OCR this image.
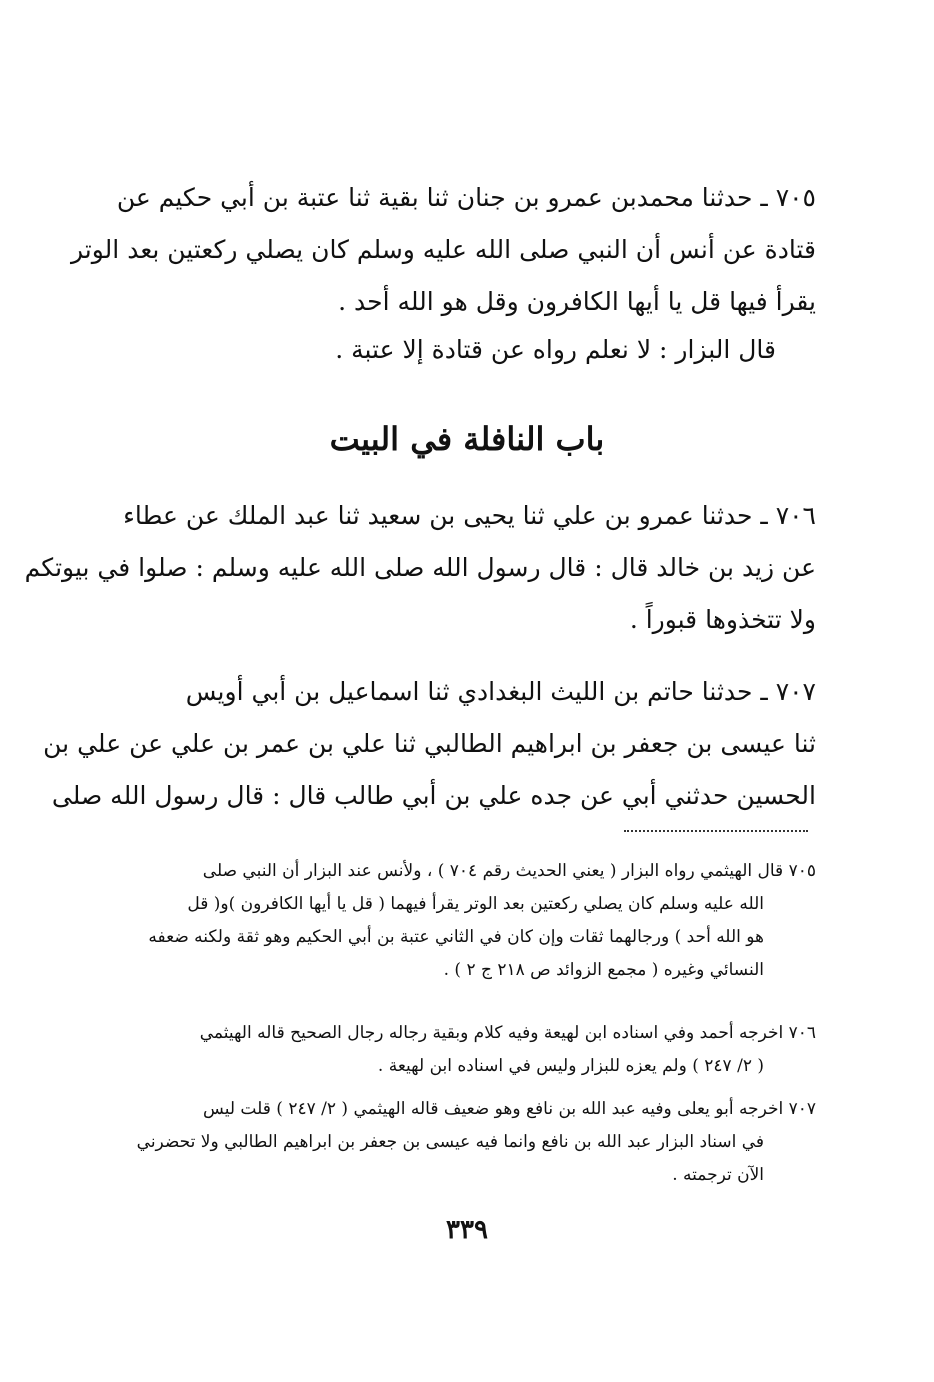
٧٠٥ ـ حدثنا محمدبن عمرو بن جنان ثنا بقية ثنا عتبة بن أبي حكيم عن
قتادة عن أنس أن النبي صلى الله عليه وسلم كان يصلي ركعتين بعد الوتر
يقرأ فيها قل يا أيها الكافرون وقل هو الله أحد .
قال البزار : لا نعلم رواه عن قتادة إلا عتبة .
باب النافلة في البيت
٧٠٦ ـ حدثنا عمرو بن علي ثنا يحيى بن سعيد ثنا عبد الملك عن عطاء
عن زيد بن خالد قال : قال رسول الله صلى الله عليه وسلم : صلوا في بيوتكم
ولا تتخذوها قبوراً .
٧٠٧ ـ حدثنا حاتم بن الليث البغدادي ثنا اسماعيل بن أبي أويس
ثنا عيسى بن جعفر بن ابراهيم الطالبي ثنا علي بن عمر بن علي عن علي بن
الحسين حدثني أبي عن جده علي بن أبي طالب قال : قال رسول الله صلى
٧٠٥ قال الهيثمي رواه البزار ( يعني الحديث رقم ٧٠٤ ) ، ولأنس عند البزار أن النبي صلى
الله عليه وسلم كان يصلي ركعتين بعد الوتر يقرأ فيهما ( قل يا أيها الكافرون )و( قل
هو الله أحد ) ورجالهما ثقات وإن كان في الثاني عتبة بن أبي الحكيم وهو ثقة ولكنه ضعفه
النسائي وغيره ( مجمع الزوائد ص ٢١٨ ج ٢ ) .
٧٠٦ اخرجه أحمد وفي اسناده ابن لهيعة وفيه كلام وبقية رجاله رجال الصحيح قاله الهيثمي
( ٢/ ٢٤٧ ) ولم يعزه للبزار وليس في اسناده ابن لهيعة .
٧٠٧ اخرجه أبو يعلى وفيه عبد الله بن نافع وهو ضعيف قاله الهيثمي ( ٢/ ٢٤٧ ) قلت ليس
في اسناد البزار عبد الله بن نافع وانما فيه عيسى بن جعفر بن ابراهيم الطالبي ولا تحضرني
الآن ترجمته .
٣٣٩
